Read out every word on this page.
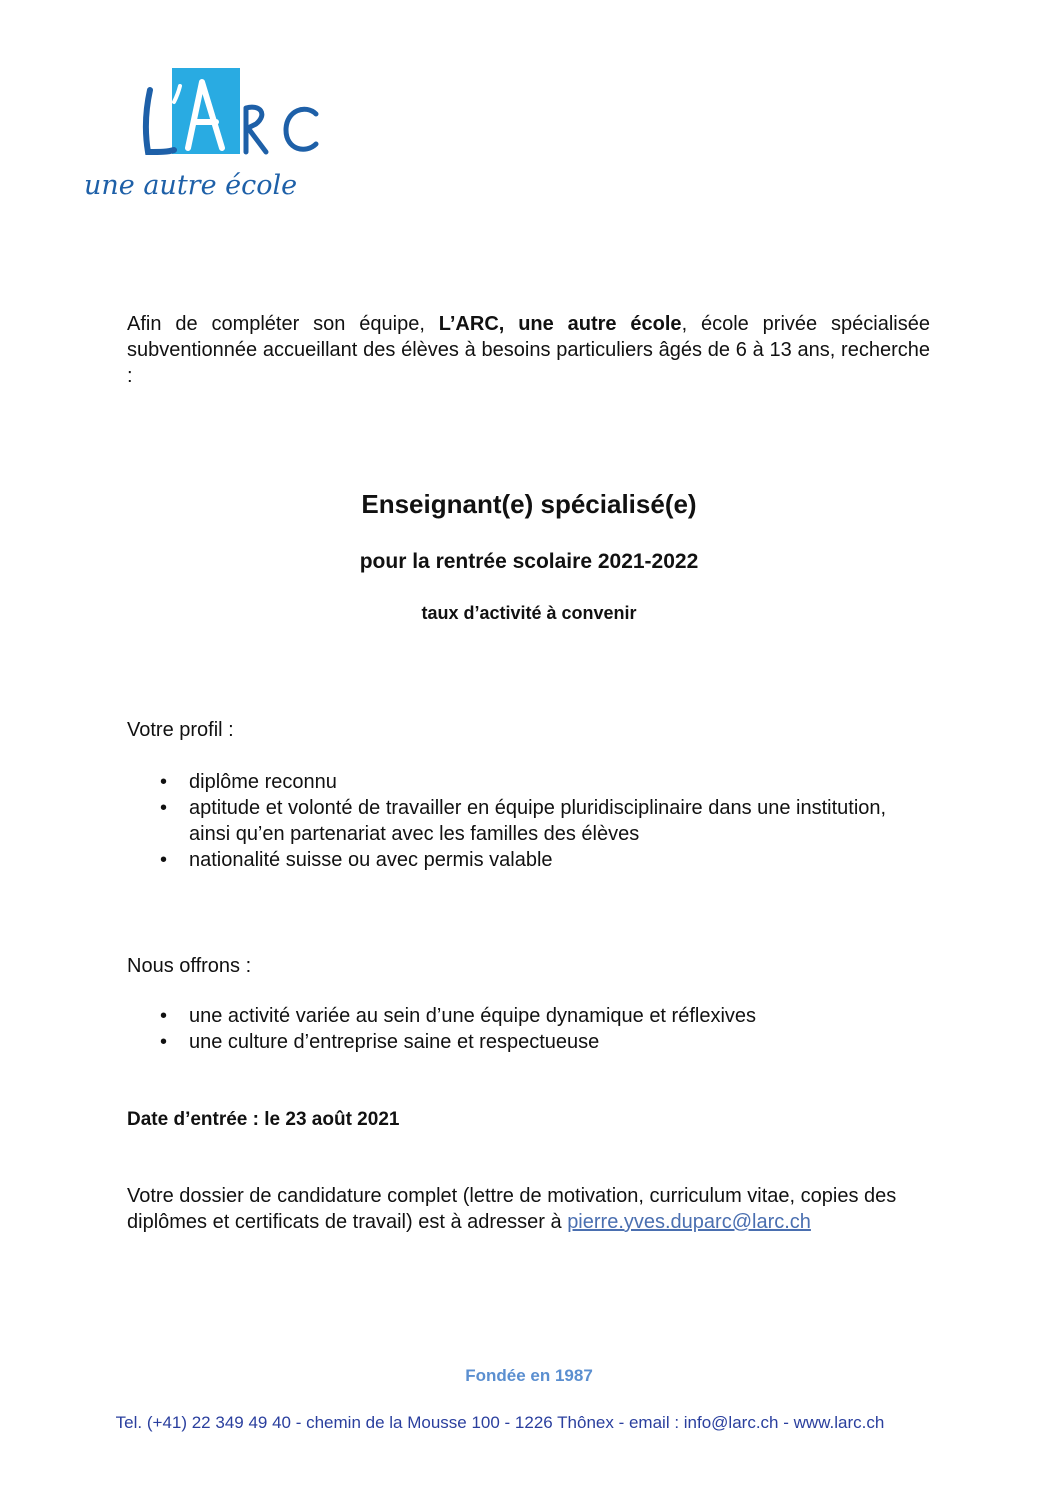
une autre école

Afin de compléter son équipe, L’ARC, une autre école, école privée spécialisée subventionnée accueillant des élèves à besoins particuliers âgés de 6 à 13 ans, recherche :

Enseignant(e) spécialisé(e)
pour la rentrée scolaire 2021-2022
taux d’activité à convenir

Votre profil :

• diplôme reconnu
• aptitude et volonté de travailler en équipe pluridisciplinaire dans une institution, ainsi qu’en partenariat avec les familles des élèves
• nationalité suisse ou avec permis valable

Nous offrons :

• une activité variée au sein d’une équipe dynamique et réflexives
• une culture d’entreprise saine et respectueuse

Date d’entrée : le 23 août 2021

Votre dossier de candidature complet (lettre de motivation, curriculum vitae, copies des diplômes et certificats de travail) est à adresser à pierre.yves.duparc@larc.ch

Fondée en 1987

Tel. (+41) 22 349 49 40 - chemin de la Mousse 100 - 1226 Thônex - email : info@larc.ch - www.larc.ch
